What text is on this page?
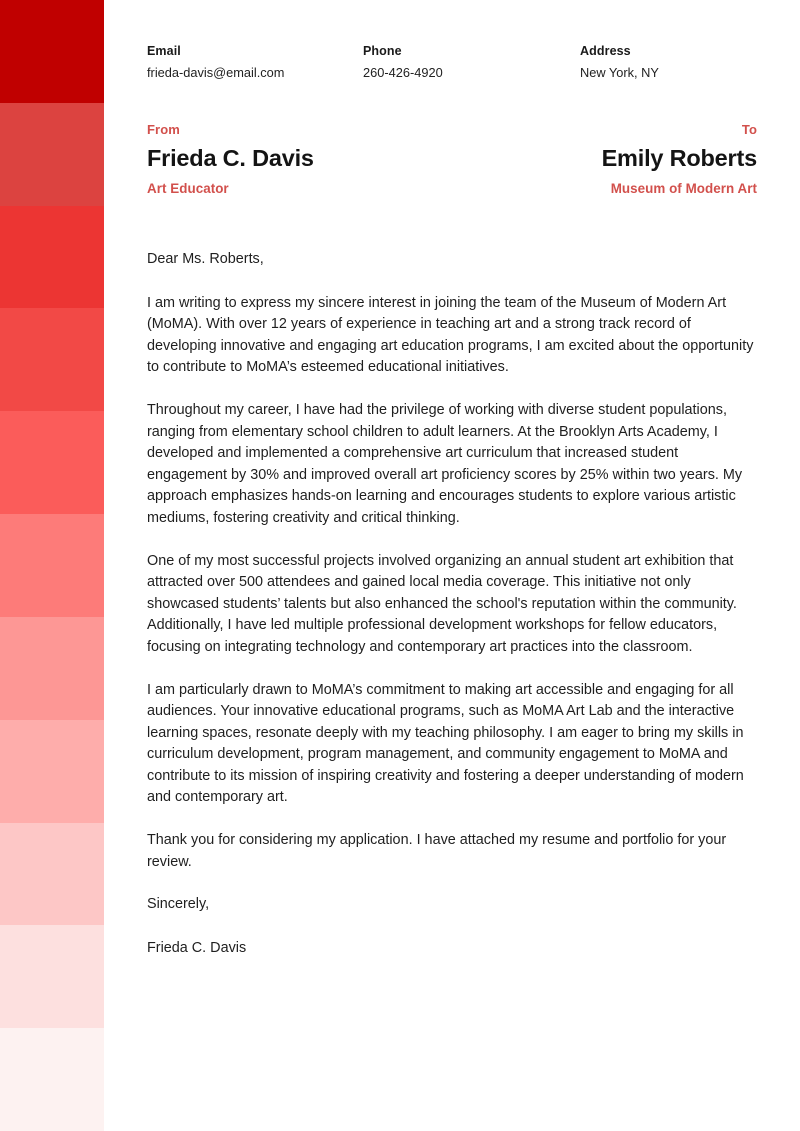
Email
frieda-davis@email.com
Phone
260-426-4920
Address
New York, NY
From
Frieda C. Davis
Art Educator
To
Emily Roberts
Museum of Modern Art

Dear Ms. Roberts,

I am writing to express my sincere interest in joining the team of the Museum of Modern Art (MoMA). With over 12 years of experience in teaching art and a strong track record of developing innovative and engaging art education programs, I am excited about the opportunity to contribute to MoMA’s esteemed educational initiatives.

Throughout my career, I have had the privilege of working with diverse student populations, ranging from elementary school children to adult learners. At the Brooklyn Arts Academy, I developed and implemented a comprehensive art curriculum that increased student engagement by 30% and improved overall art proficiency scores by 25% within two years. My approach emphasizes hands-on learning and encourages students to explore various artistic mediums, fostering creativity and critical thinking.

One of my most successful projects involved organizing an annual student art exhibition that attracted over 500 attendees and gained local media coverage. This initiative not only showcased students’ talents but also enhanced the school's reputation within the community. Additionally, I have led multiple professional development workshops for fellow educators, focusing on integrating technology and contemporary art practices into the classroom.

I am particularly drawn to MoMA’s commitment to making art accessible and engaging for all audiences. Your innovative educational programs, such as MoMA Art Lab and the interactive learning spaces, resonate deeply with my teaching philosophy. I am eager to bring my skills in curriculum development, program management, and community engagement to MoMA and contribute to its mission of inspiring creativity and fostering a deeper understanding of modern and contemporary art.

Thank you for considering my application. I have attached my resume and portfolio for your review.

Sincerely,

Frieda C. Davis
